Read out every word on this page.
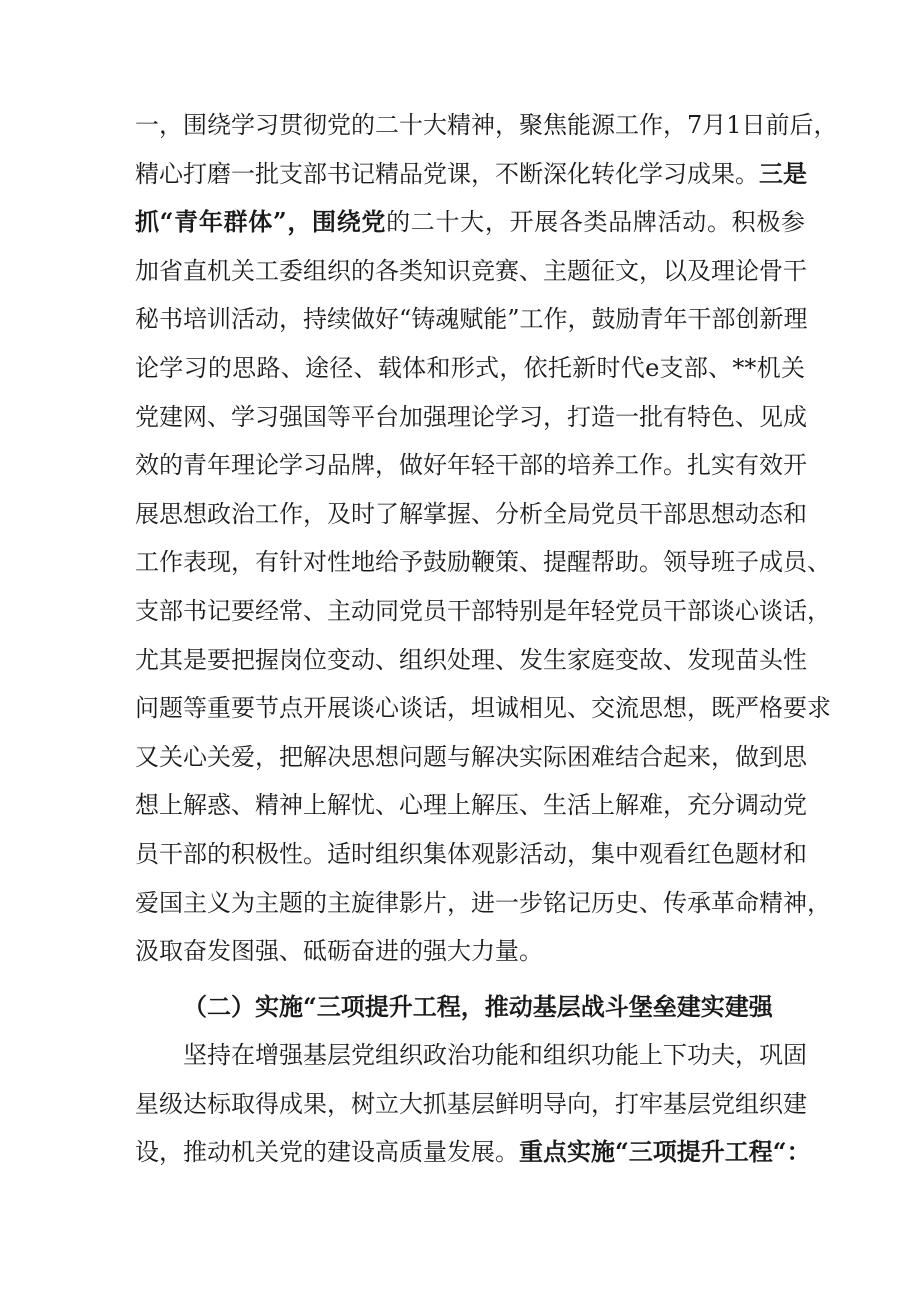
一，围绕学习贯彻党的二十大精神，聚焦能源工作，7月1日前后，
精心打磨一批支部书记精品党课，不断深化转化学习成果。三是
抓“青年群体”，围绕党的二十大，开展各类品牌活动。积极参
加省直机关工委组织的各类知识竞赛、主题征文，以及理论骨干
秘书培训活动，持续做好“铸魂赋能”工作，鼓励青年干部创新理
论学习的思路、途径、载体和形式，依托新时代e支部、**机关
党建网、学习强国等平台加强理论学习，打造一批有特色、见成
效的青年理论学习品牌，做好年轻干部的培养工作。扎实有效开
展思想政治工作，及时了解掌握、分析全局党员干部思想动态和
工作表现，有针对性地给予鼓励鞭策、提醒帮助。领导班子成员、
支部书记要经常、主动同党员干部特别是年轻党员干部谈心谈话，
尤其是要把握岗位变动、组织处理、发生家庭变故、发现苗头性
问题等重要节点开展谈心谈话，坦诚相见、交流思想，既严格要求
又关心关爱，把解决思想问题与解决实际困难结合起来，做到思
想上解惑、精神上解忧、心理上解压、生活上解难，充分调动党
员干部的积极性。适时组织集体观影活动，集中观看红色题材和
爱国主义为主题的主旋律影片，进一步铭记历史、传承革命精神，
汲取奋发图强、砥砺奋进的强大力量。
（二）实施“三项提升工程，推动基层战斗堡垒建实建强
坚持在增强基层党组织政治功能和组织功能上下功夫，巩固
星级达标取得成果，树立大抓基层鲜明导向，打牢基层党组织建
设，推动机关党的建设高质量发展。重点实施“三项提升工程“：
